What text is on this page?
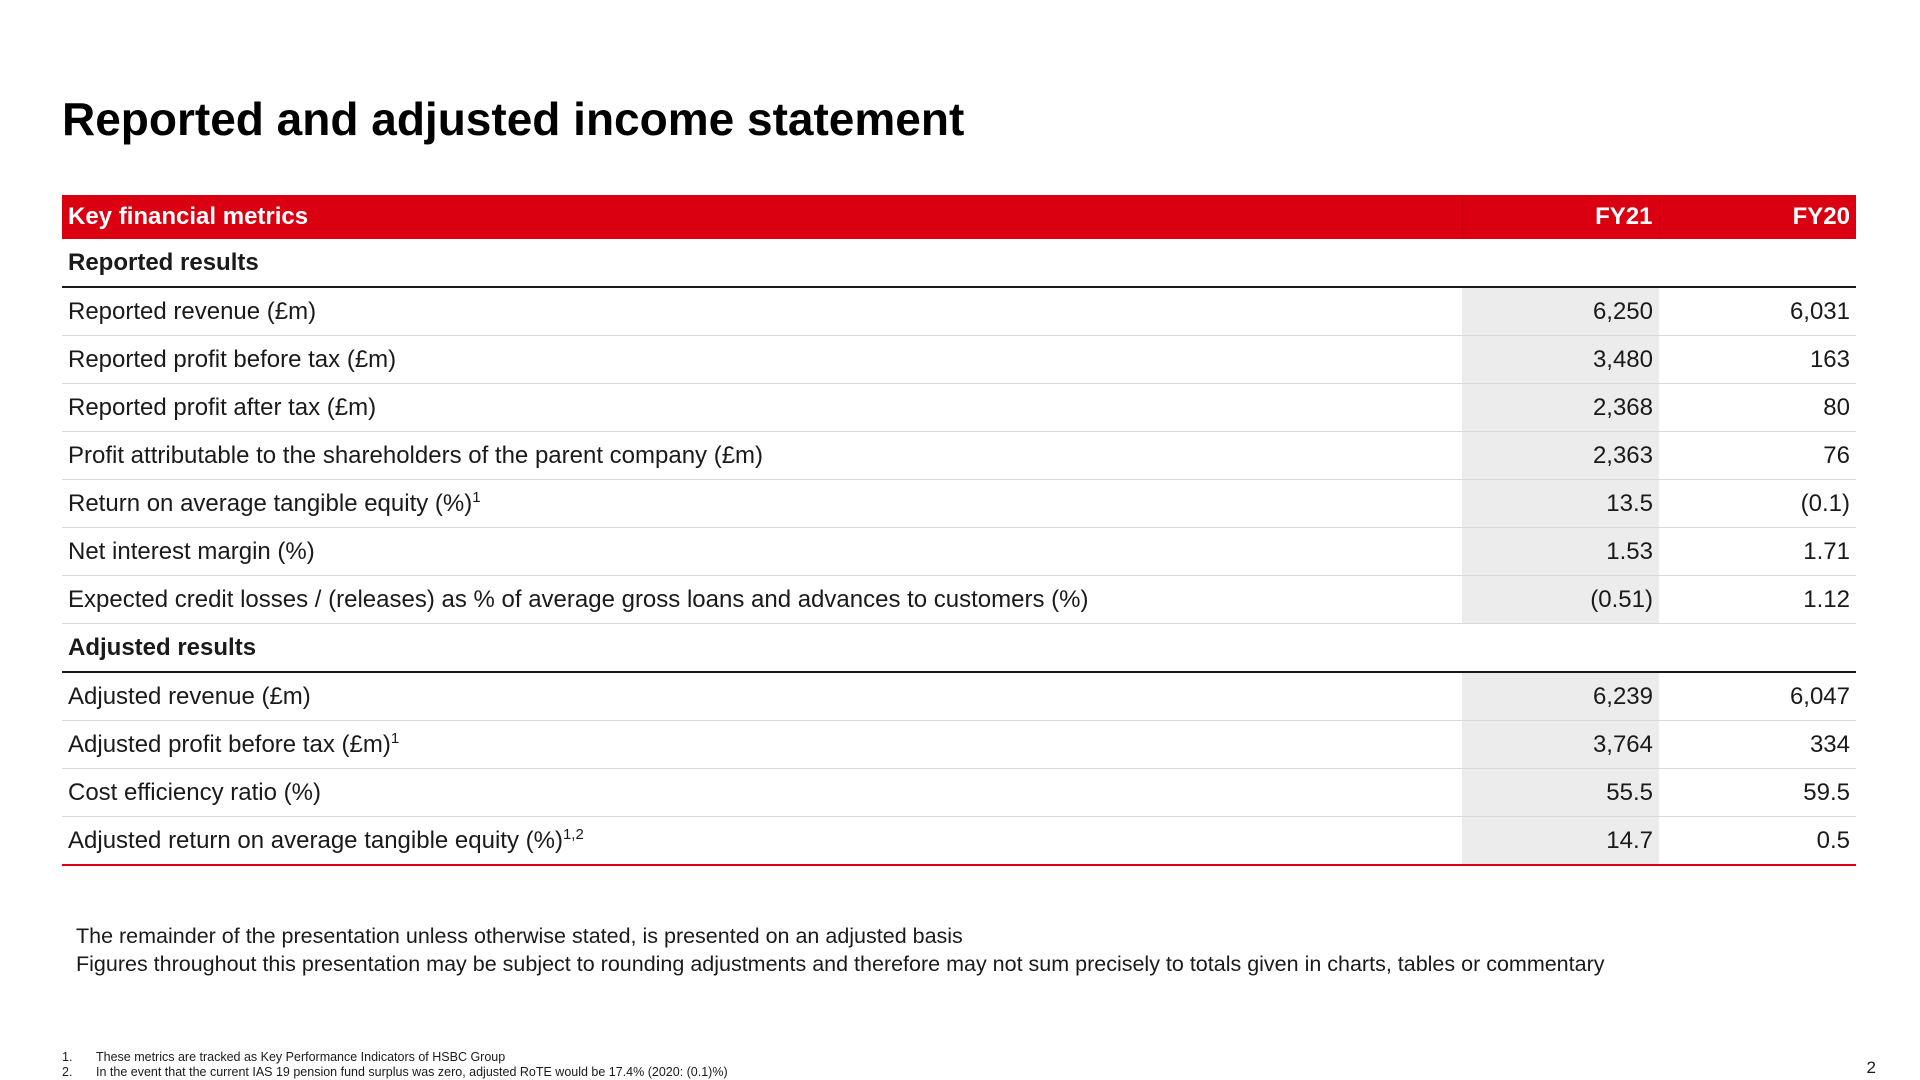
Reported and adjusted income statement
Key financial metrics	FY21	FY20
Reported results		
Reported revenue (£m)	6,250	6,031
Reported profit before tax (£m)	3,480	163
Reported profit after tax (£m)	2,368	80
Profit attributable to the shareholders of the parent company (£m)	2,363	76
Return on average tangible equity (%)$^1$	13.5	(0.1)
Net interest margin (%)	1.53	1.71
Expected credit losses / (releases) as % of average gross loans and advances to customers (%)	(0.51)	1.12
Adjusted results		
Adjusted revenue (£m)	6,239	6,047
Adjusted profit before tax (£m)$^1$	3,764	334
Cost efficiency ratio (%)	55.5	59.5
Adjusted return on average tangible equity (%)$^{1,2}$	14.7	0.5
The remainder of the presentation unless otherwise stated, is presented on an adjusted basis
Figures throughout this presentation may be subject to rounding adjustments and therefore may not sum precisely to totals given in charts, tables or commentary
1.	These metrics are tracked as Key Performance Indicators of HSBC Group
2.	In the event that the current IAS 19 pension fund surplus was zero, adjusted RoTE would be 17.4% (2020: (0.1)%)	2
